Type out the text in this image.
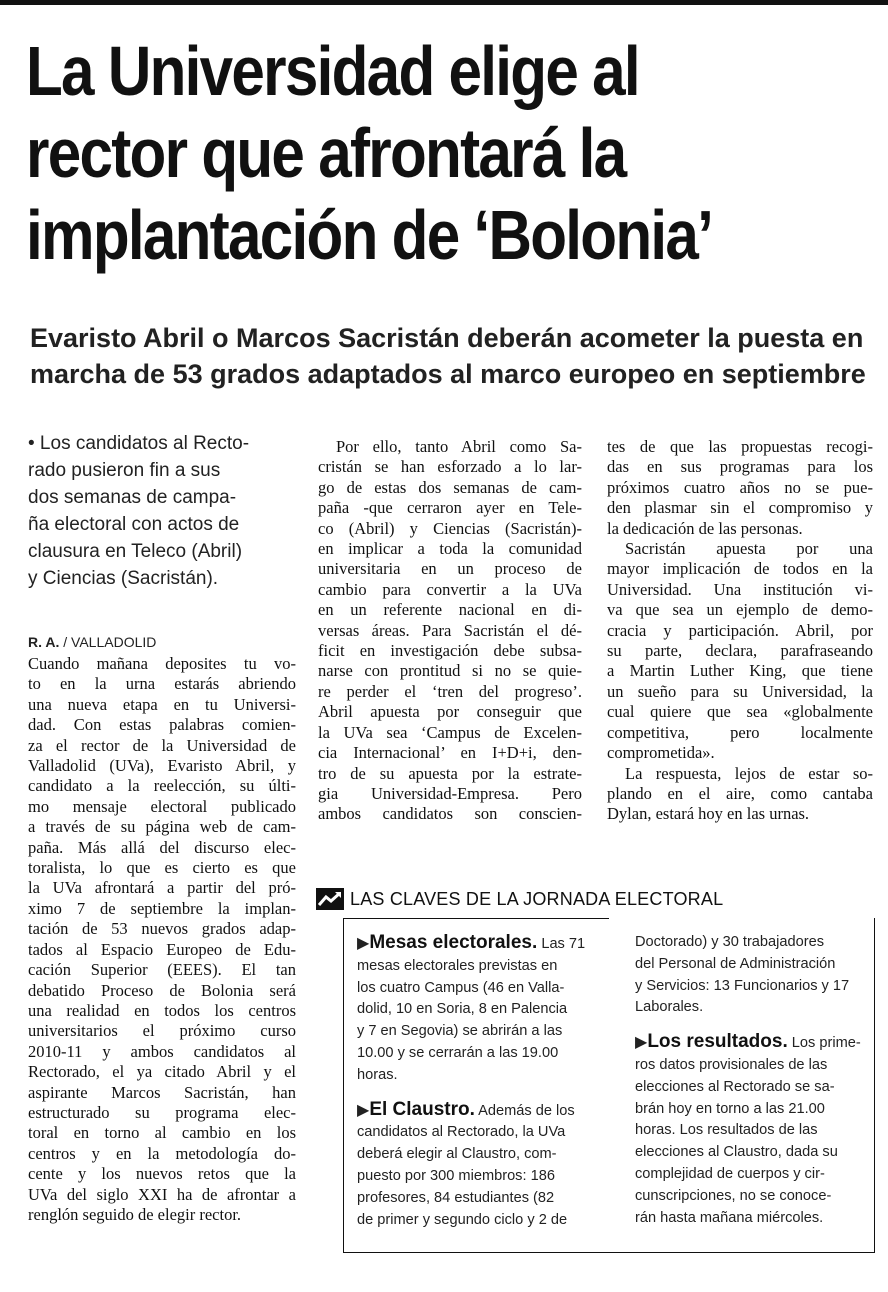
La Universidad elige al
rector que afrontará la
implantación de ‘Bolonia’
Evaristo Abril o Marcos Sacristán deberán acometer la puesta en
marcha de 53 grados adaptados al marco europeo en septiembre
• Los candidatos al Recto-
rado pusieron fin a sus
dos semanas de campa-
ña electoral con actos de
clausura en Teleco (Abril)
y Ciencias (Sacristán).
R. A. / VALLADOLID
Cuando mañana deposites tu vo-
to en la urna estarás abriendo
una nueva etapa en tu Universi-
dad. Con estas palabras comien-
za el rector de la Universidad de
Valladolid (UVa), Evaristo Abril, y
candidato a la reelección, su últi-
mo mensaje electoral publicado
a través de su página web de cam-
paña. Más allá del discurso elec-
toralista, lo que es cierto es que
la UVa afrontará a partir del pró-
ximo 7 de septiembre la implan-
tación de 53 nuevos grados adap-
tados al Espacio Europeo de Edu-
cación Superior (EEES). El tan
debatido Proceso de Bolonia será
una realidad en todos los centros
universitarios el próximo curso
2010-11 y ambos candidatos al
Rectorado, el ya citado Abril y el
aspirante Marcos Sacristán, han
estructurado su programa elec-
toral en torno al cambio en los
centros y en la metodología do-
cente y los nuevos retos que la
UVa del siglo XXI ha de afrontar a
renglón seguido de elegir rector.
Por ello, tanto Abril como Sa-
cristán se han esforzado a lo lar-
go de estas dos semanas de cam-
paña -que cerraron ayer en Tele-
co (Abril) y Ciencias (Sacristán)-
en implicar a toda la comunidad
universitaria en un proceso de
cambio para convertir a la UVa
en un referente nacional en di-
versas áreas. Para Sacristán el dé-
ficit en investigación debe subsa-
narse con prontitud si no se quie-
re perder el ‘tren del progreso’.
Abril apuesta por conseguir que
la UVa sea ‘Campus de Excelen-
cia Internacional’ en I+D+i, den-
tro de su apuesta por la estrate-
gia Universidad-Empresa. Pero
ambos candidatos son conscien-
tes de que las propuestas recogi-
das en sus programas para los
próximos cuatro años no se pue-
den plasmar sin el compromiso y
la dedicación de las personas.
Sacristán apuesta por una
mayor implicación de todos en la
Universidad. Una institución vi-
va que sea un ejemplo de demo-
cracia y participación. Abril, por
su parte, declara, parafraseando
a Martin Luther King, que tiene
un sueño para su Universidad, la
cual quiere que sea «globalmente
competitiva, pero localmente
comprometida».
La respuesta, lejos de estar so-
plando en el aire, como cantaba
Dylan, estará hoy en las urnas.
LAS CLAVES DE LA JORNADA ELECTORAL
▶Mesas electorales. Las 71
mesas electorales previstas en
los cuatro Campus (46 en Valla-
dolid, 10 en Soria, 8 en Palencia
y 7 en Segovia) se abrirán a las
10.00 y se cerrarán a las 19.00
horas.
▶El Claustro. Además de los
candidatos al Rectorado, la UVa
deberá elegir al Claustro, com-
puesto por 300 miembros: 186
profesores, 84 estudiantes (82
de primer y segundo ciclo y 2 de
Doctorado) y 30 trabajadores
del Personal de Administración
y Servicios: 13 Funcionarios y 17
Laborales.
▶Los resultados. Los prime-
ros datos provisionales de las
elecciones al Rectorado se sa-
brán hoy en torno a las 21.00
horas. Los resultados de las
elecciones al Claustro, dada su
complejidad de cuerpos y cir-
cunscripciones, no se conoce-
rán hasta mañana miércoles.
